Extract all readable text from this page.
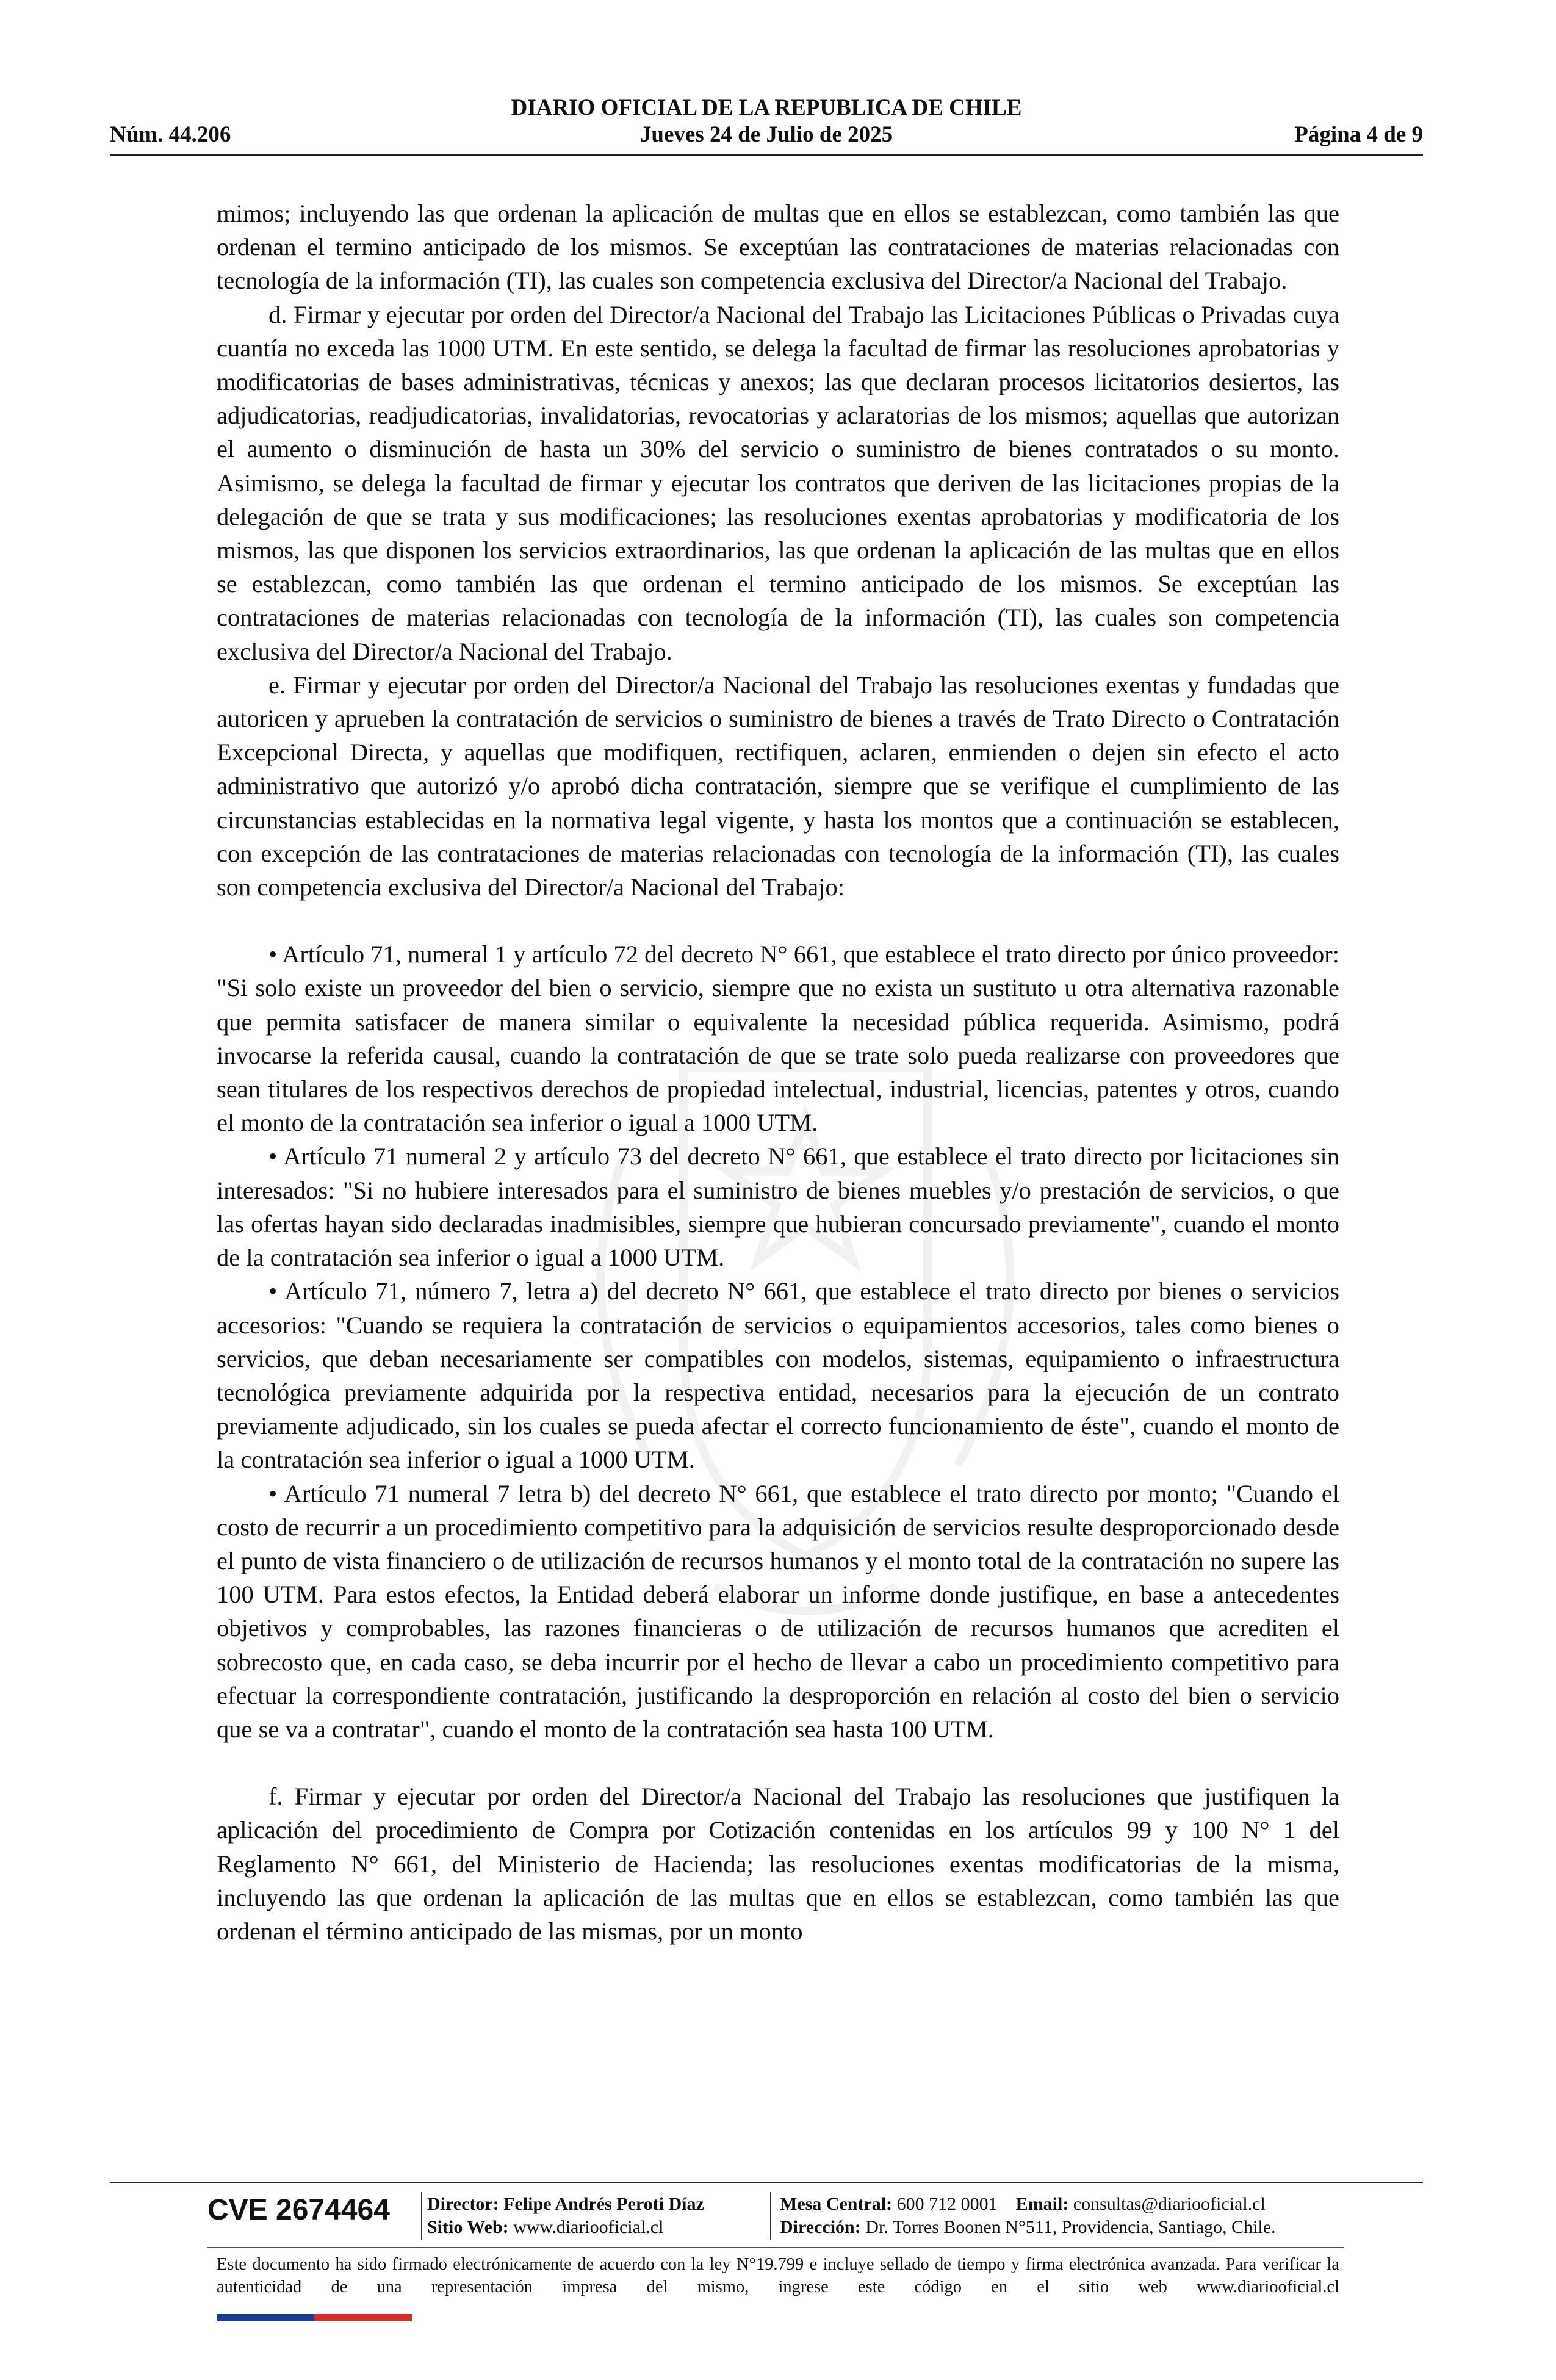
DIARIO OFICIAL DE LA REPUBLICA DE CHILE
Núm. 44.206	Jueves 24 de Julio de 2025	Página 4 de 9

mimos; incluyendo las que ordenan la aplicación de multas que en ellos se establezcan, como también las que ordenan el termino anticipado de los mismos. Se exceptúan las contrataciones de materias relacionadas con tecnología de la información (TI), las cuales son competencia exclusiva del Director/a Nacional del Trabajo.

d. Firmar y ejecutar por orden del Director/a Nacional del Trabajo las Licitaciones Públicas o Privadas cuya cuantía no exceda las 1000 UTM. En este sentido, se delega la facultad de firmar las resoluciones aprobatorias y modificatorias de bases administrativas, técnicas y anexos; las que declaran procesos licitatorios desiertos, las adjudicatorias, readjudicatorias, invalidatorias, revocatorias y aclaratorias de los mismos; aquellas que autorizan el aumento o disminución de hasta un 30% del servicio o suministro de bienes contratados o su monto. Asimismo, se delega la facultad de firmar y ejecutar los contratos que deriven de las licitaciones propias de la delegación de que se trata y sus modificaciones; las resoluciones exentas aprobatorias y modificatoria de los mismos, las que disponen los servicios extraordinarios, las que ordenan la aplicación de las multas que en ellos se establezcan, como también las que ordenan el termino anticipado de los mismos. Se exceptúan las contrataciones de materias relacionadas con tecnología de la información (TI), las cuales son competencia exclusiva del Director/a Nacional del Trabajo.

e. Firmar y ejecutar por orden del Director/a Nacional del Trabajo las resoluciones exentas y fundadas que autoricen y aprueben la contratación de servicios o suministro de bienes a través de Trato Directo o Contratación Excepcional Directa, y aquellas que modifiquen, rectifiquen, aclaren, enmienden o dejen sin efecto el acto administrativo que autorizó y/o aprobó dicha contratación, siempre que se verifique el cumplimiento de las circunstancias establecidas en la normativa legal vigente, y hasta los montos que a continuación se establecen, con excepción de las contrataciones de materias relacionadas con tecnología de la información (TI), las cuales son competencia exclusiva del Director/a Nacional del Trabajo:

• Artículo 71, numeral 1 y artículo 72 del decreto N° 661, que establece el trato directo por único proveedor: "Si solo existe un proveedor del bien o servicio, siempre que no exista un sustituto u otra alternativa razonable que permita satisfacer de manera similar o equivalente la necesidad pública requerida. Asimismo, podrá invocarse la referida causal, cuando la contratación de que se trate solo pueda realizarse con proveedores que sean titulares de los respectivos derechos de propiedad intelectual, industrial, licencias, patentes y otros, cuando el monto de la contratación sea inferior o igual a 1000 UTM.

• Artículo 71 numeral 2 y artículo 73 del decreto N° 661, que establece el trato directo por licitaciones sin interesados: "Si no hubiere interesados para el suministro de bienes muebles y/o prestación de servicios, o que las ofertas hayan sido declaradas inadmisibles, siempre que hubieran concursado previamente", cuando el monto de la contratación sea inferior o igual a 1000 UTM.

• Artículo 71, número 7, letra a) del decreto N° 661, que establece el trato directo por bienes o servicios accesorios: "Cuando se requiera la contratación de servicios o equipamientos accesorios, tales como bienes o servicios, que deban necesariamente ser compatibles con modelos, sistemas, equipamiento o infraestructura tecnológica previamente adquirida por la respectiva entidad, necesarios para la ejecución de un contrato previamente adjudicado, sin los cuales se pueda afectar el correcto funcionamiento de éste", cuando el monto de la contratación sea inferior o igual a 1000 UTM.

• Artículo 71 numeral 7 letra b) del decreto N° 661, que establece el trato directo por monto; "Cuando el costo de recurrir a un procedimiento competitivo para la adquisición de servicios resulte desproporcionado desde el punto de vista financiero o de utilización de recursos humanos y el monto total de la contratación no supere las 100 UTM. Para estos efectos, la Entidad deberá elaborar un informe donde justifique, en base a antecedentes objetivos y comprobables, las razones financieras o de utilización de recursos humanos que acrediten el sobrecosto que, en cada caso, se deba incurrir por el hecho de llevar a cabo un procedimiento competitivo para efectuar la correspondiente contratación, justificando la desproporción en relación al costo del bien o servicio que se va a contratar", cuando el monto de la contratación sea hasta 100 UTM.

f. Firmar y ejecutar por orden del Director/a Nacional del Trabajo las resoluciones que justifiquen la aplicación del procedimiento de Compra por Cotización contenidas en los artículos 99 y 100 N° 1 del Reglamento N° 661, del Ministerio de Hacienda; las resoluciones exentas modificatorias de la misma, incluyendo las que ordenan la aplicación de las multas que en ellos se establezcan, como también las que ordenan el término anticipado de las mismas, por un monto

CVE 2674464 Director: Felipe Andrés Peroti Díaz
Sitio Web: www.diariooficial.cl
Mesa Central: 600 712 0001 Email: consultas@diariooficial.cl
Dirección: Dr. Torres Boonen N°511, Providencia, Santiago, Chile.
Este documento ha sido firmado electrónicamente de acuerdo con la ley N°19.799 e incluye sellado de tiempo y firma electrónica avanzada. Para verificar la autenticidad de una representación impresa del mismo, ingrese este código en el sitio web www.diariooficial.cl
